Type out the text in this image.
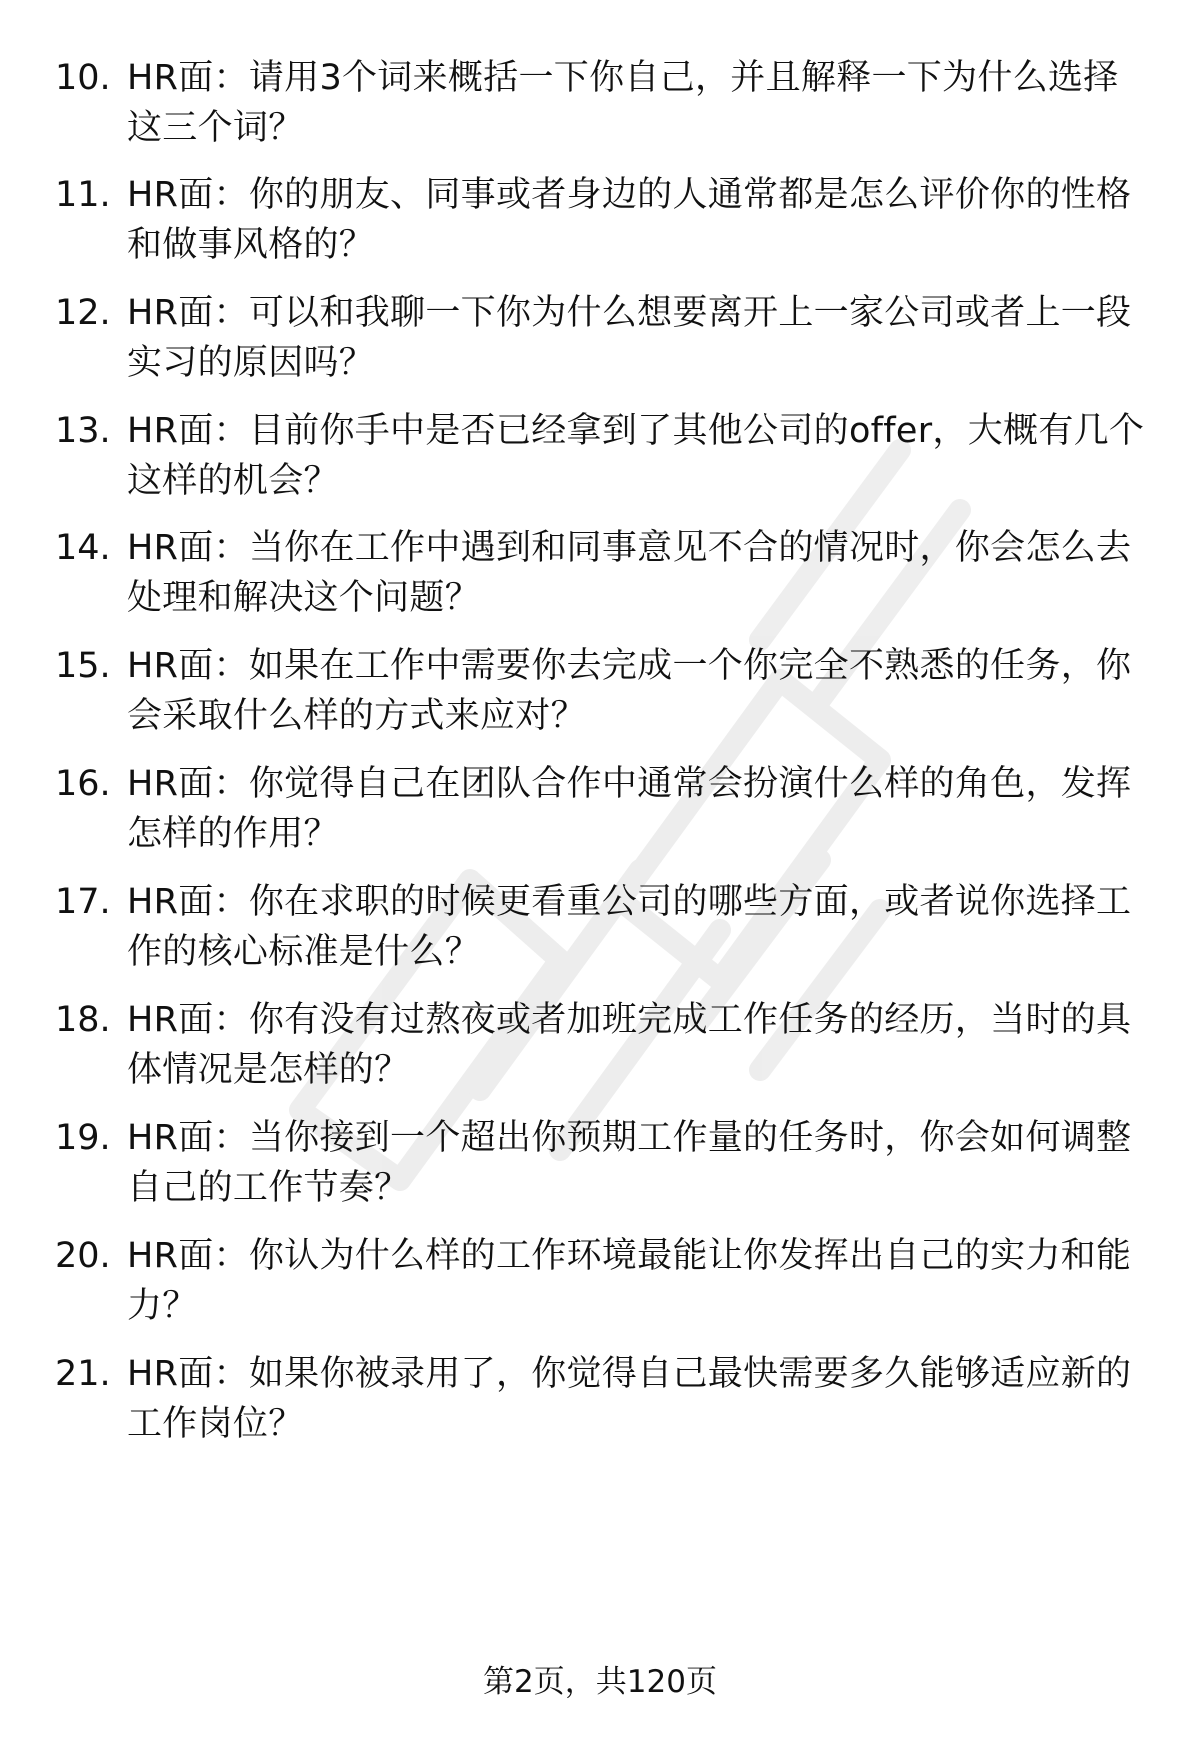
10. HR面：请用3个词来概括一下你自己，并且解释一下为什么选择这三个词？
11. HR面：你的朋友、同事或者身边的人通常都是怎么评价你的性格和做事风格的？
12. HR面：可以和我聊一下你为什么想要离开上一家公司或者上一段实习的原因吗？
13. HR面：目前你手中是否已经拿到了其他公司的offer，大概有几个这样的机会？
14. HR面：当你在工作中遇到和同事意见不合的情况时，你会怎么去处理和解决这个问题？
15. HR面：如果在工作中需要你去完成一个你完全不熟悉的任务，你会采取什么样的方式来应对？
16. HR面：你觉得自己在团队合作中通常会扮演什么样的角色，发挥怎样的作用？
17. HR面：你在求职的时候更看重公司的哪些方面，或者说你选择工作的核心标准是什么？
18. HR面：你有没有过熬夜或者加班完成工作任务的经历，当时的具体情况是怎样的？
19. HR面：当你接到一个超出你预期工作量的任务时，你会如何调整自己的工作节奏？
20. HR面：你认为什么样的工作环境最能让你发挥出自己的实力和能力？
21. HR面：如果你被录用了，你觉得自己最快需要多久能够适应新的工作岗位？
第2页，共120页
